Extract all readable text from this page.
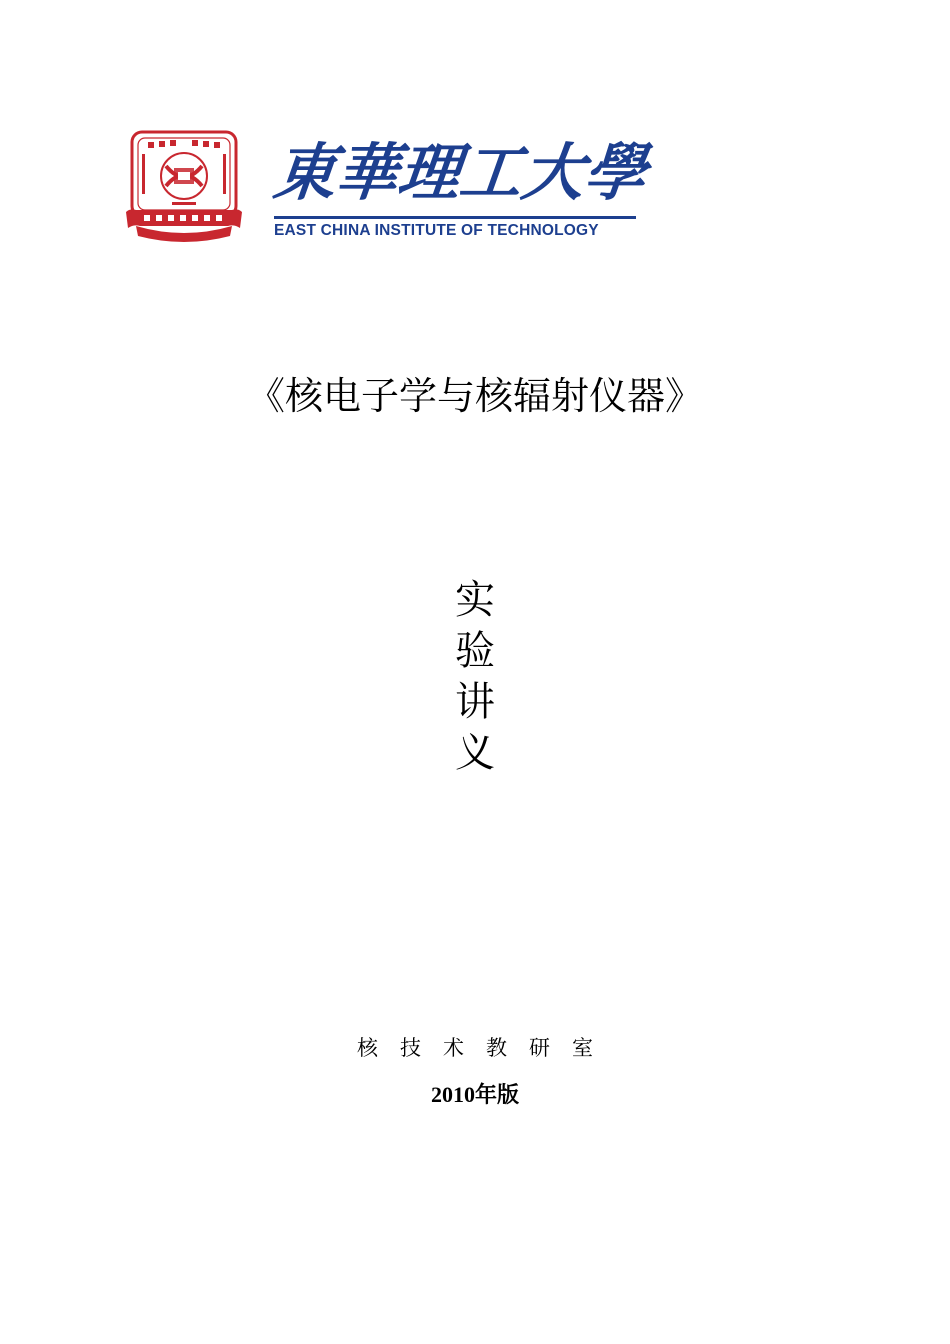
東
華
理
工
大
學
EAST CHINA INSTITUTE OF TECHNOLOGY
《核电子学与核辐射仪器》
实
验
讲
义
核 技 术 教 研 室
2010年版
